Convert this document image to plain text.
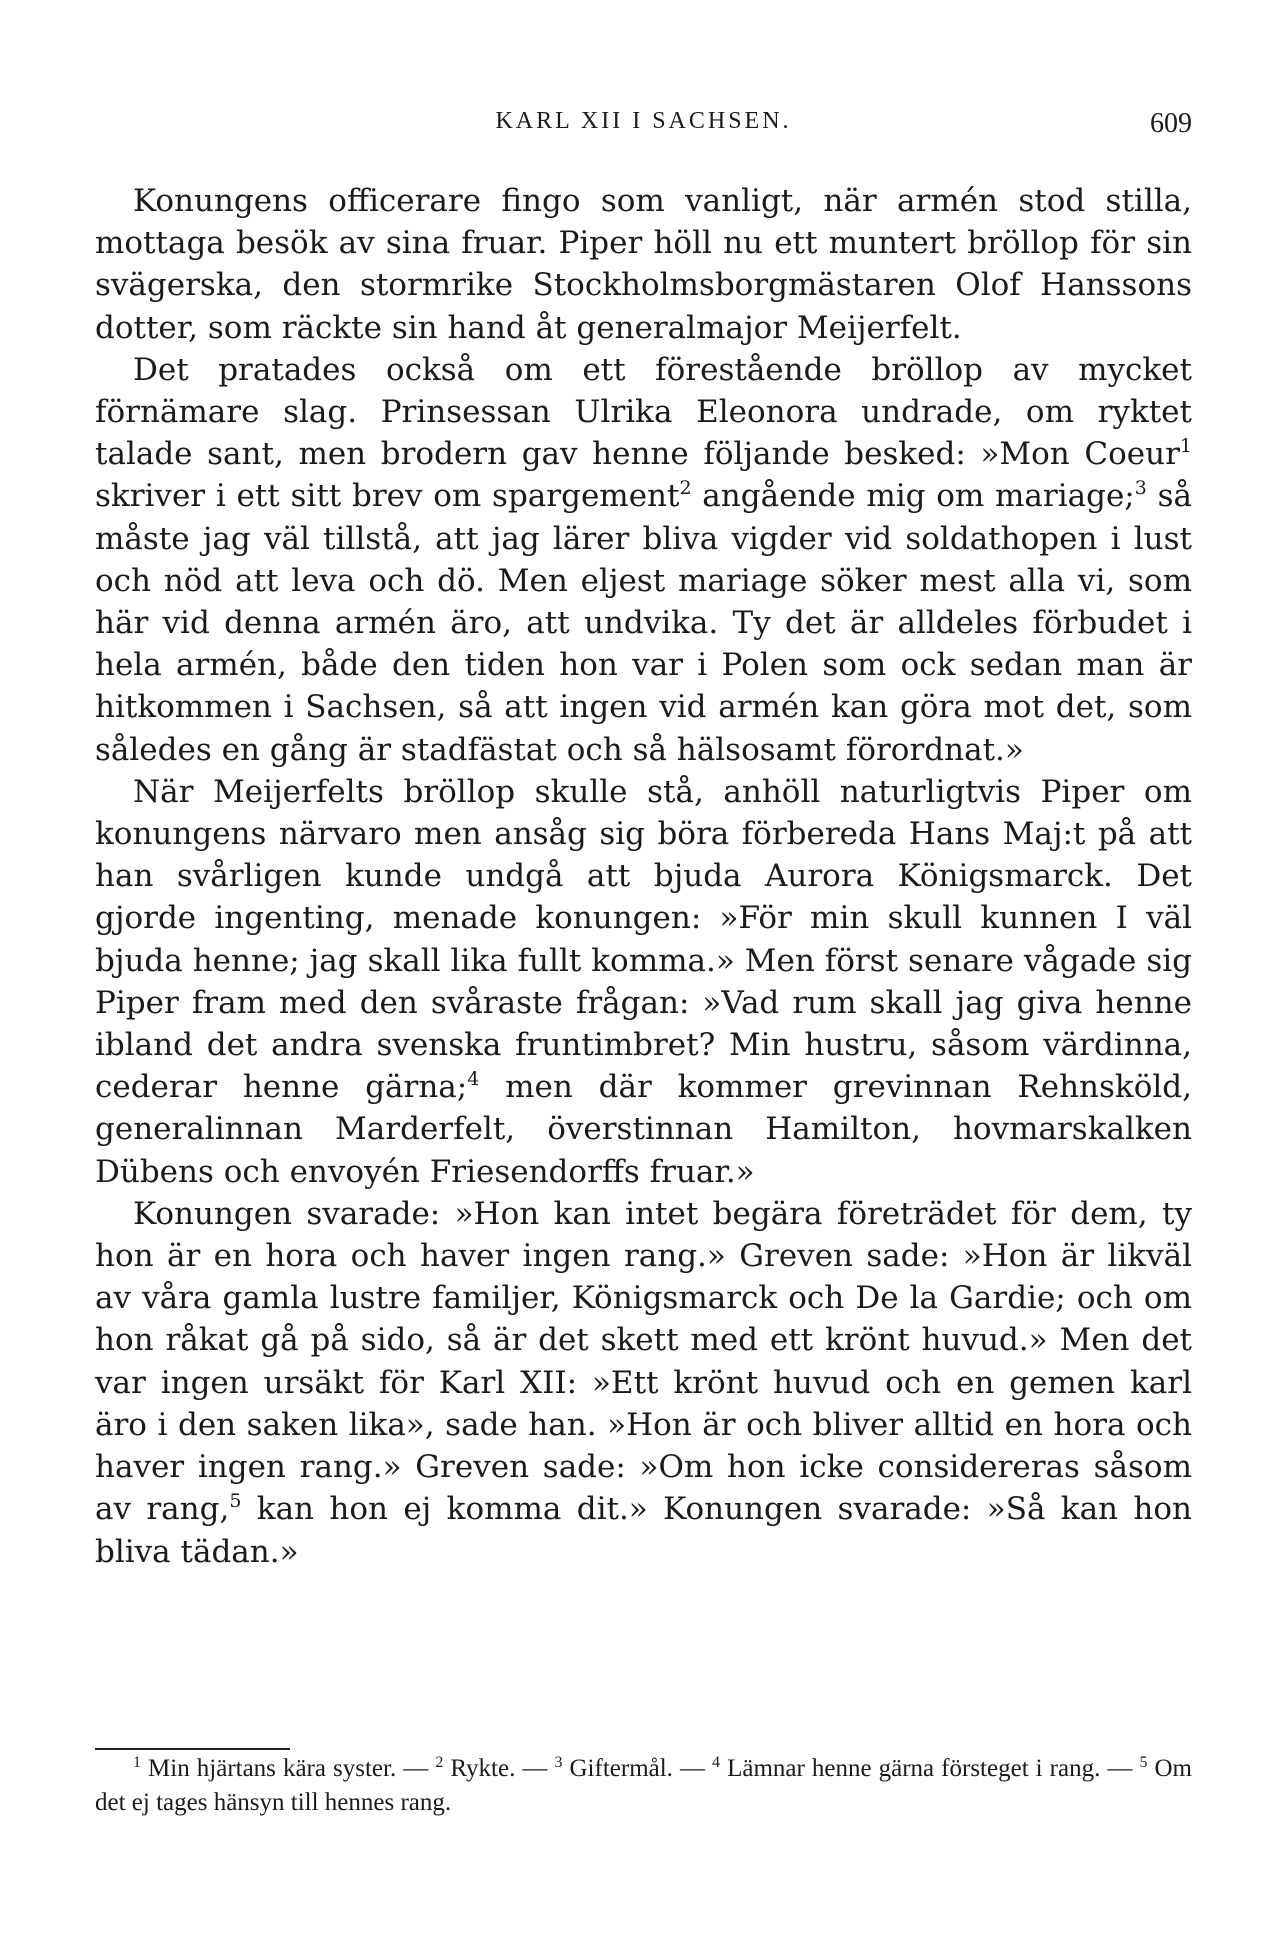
KARL XII I SACHSEN.	609

Konungens officerare fingo som vanligt, när armén stod stilla, mottaga besök av sina fruar. Piper höll nu ett muntert bröllop för sin svägerska, den stormrike Stockholmsborgmästaren Olof Hanssons dotter, som räckte sin hand åt generalmajor Meijerfelt.

Det pratades också om ett förestående bröllop av mycket förnämare slag. Prinsessan Ulrika Eleonora undrade, om ryktet talade sant, men brodern gav henne följande besked: »Mon Coeur$^1$ skriver i ett sitt brev om spargement$^2$ angående mig om mariage;$^3$ så måste jag väl tillstå, att jag lärer bliva vigder vid soldathopen i lust och nöd att leva och dö. Men eljest mariage söker mest alla vi, som här vid denna armén äro, att undvika. Ty det är alldeles förbudet i hela armén, både den tiden hon var i Polen som ock sedan man är hitkommen i Sachsen, så att ingen vid armén kan göra mot det, som således en gång är stadfästat och så hälsosamt förordnat.»

När Meijerfelts bröllop skulle stå, anhöll naturligtvis Piper om konungens närvaro men ansåg sig böra förbereda Hans Maj:t på att han svårligen kunde undgå att bjuda Aurora Königsmarck. Det gjorde ingenting, menade konungen: »För min skull kunnen I väl bjuda henne; jag skall lika fullt komma.» Men först senare vågade sig Piper fram med den svåraste frågan: »Vad rum skall jag giva henne ibland det andra svenska fruntimbret? Min hustru, såsom värdinna, cederar henne gärna;$^4$ men där kommer grevinnan Rehnsköld, generalinnan Marderfelt, överstinnan Hamilton, hovmarskalken Dübens och envoyén Friesendorffs fruar.»

Konungen svarade: »Hon kan intet begära företrädet för dem, ty hon är en hora och haver ingen rang.» Greven sade: »Hon är likväl av våra gamla lustre familjer, Königsmarck och De la Gardie; och om hon råkat gå på sido, så är det skett med ett krönt huvud.» Men det var ingen ursäkt för Karl XII: »Ett krönt huvud och en gemen karl äro i den saken lika», sade han. »Hon är och bliver alltid en hora och haver ingen rang.» Greven sade: »Om hon icke considereras såsom av rang,$^5$ kan hon ej komma dit.» Konungen svarade: »Så kan hon bliva tädan.»

$^1$ Min hjärtans kära syster. — $^2$ Rykte. — $^3$ Giftermål. — $^4$ Lämnar henne gärna försteget i rang. — $^5$ Om det ej tages hänsyn till hennes rang.
